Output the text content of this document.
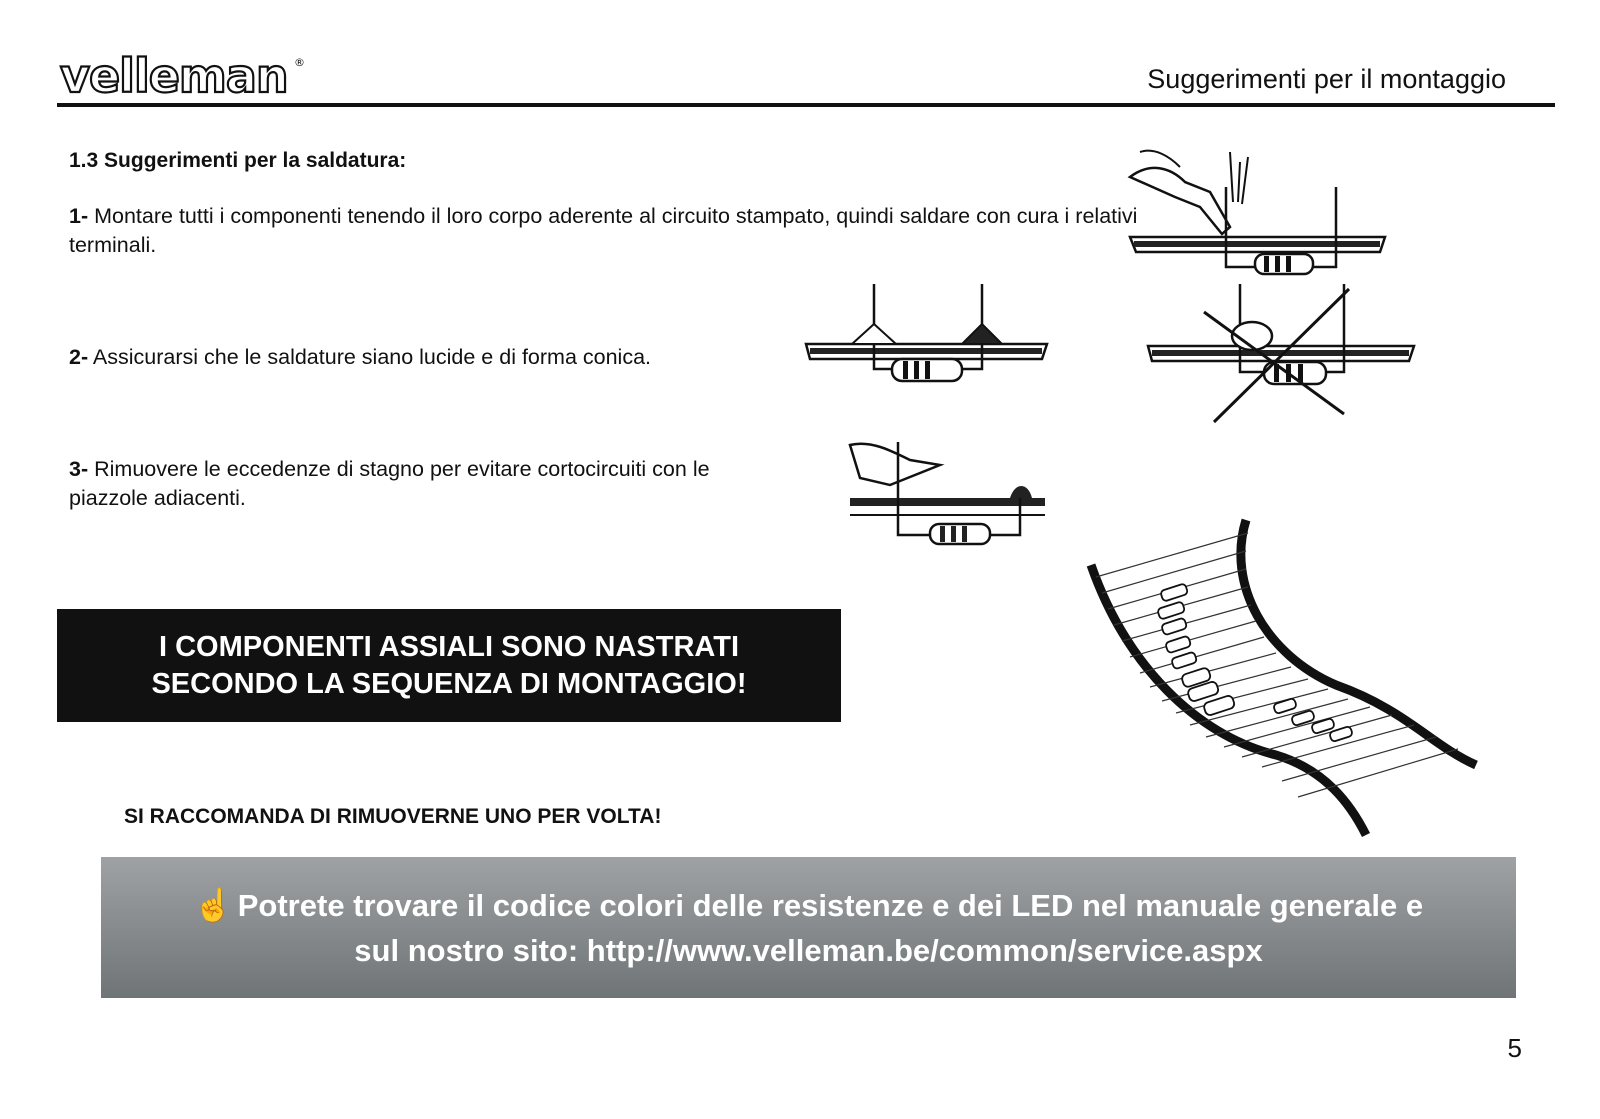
velleman ®
Suggerimenti per il montaggio
1.3 Suggerimenti per la saldatura:
1- Montare tutti i componenti tenendo il loro corpo aderente al circuito stampato, quindi saldare con cura i relativi terminali.
2- Assicurarsi che le saldature siano lucide e di forma conica.
3- Rimuovere le eccedenze di stagno per evitare cortocircuiti con le piazzole adiacenti.
I COMPONENTI ASSIALI SONO NASTRATI
SECONDO LA SEQUENZA DI MONTAGGIO!
SI RACCOMANDA DI RIMUOVERNE UNO PER VOLTA!
☝ Potrete trovare il codice colori delle resistenze e dei LED nel manuale generale e
sul nostro sito: http://www.velleman.be/common/service.aspx
5
